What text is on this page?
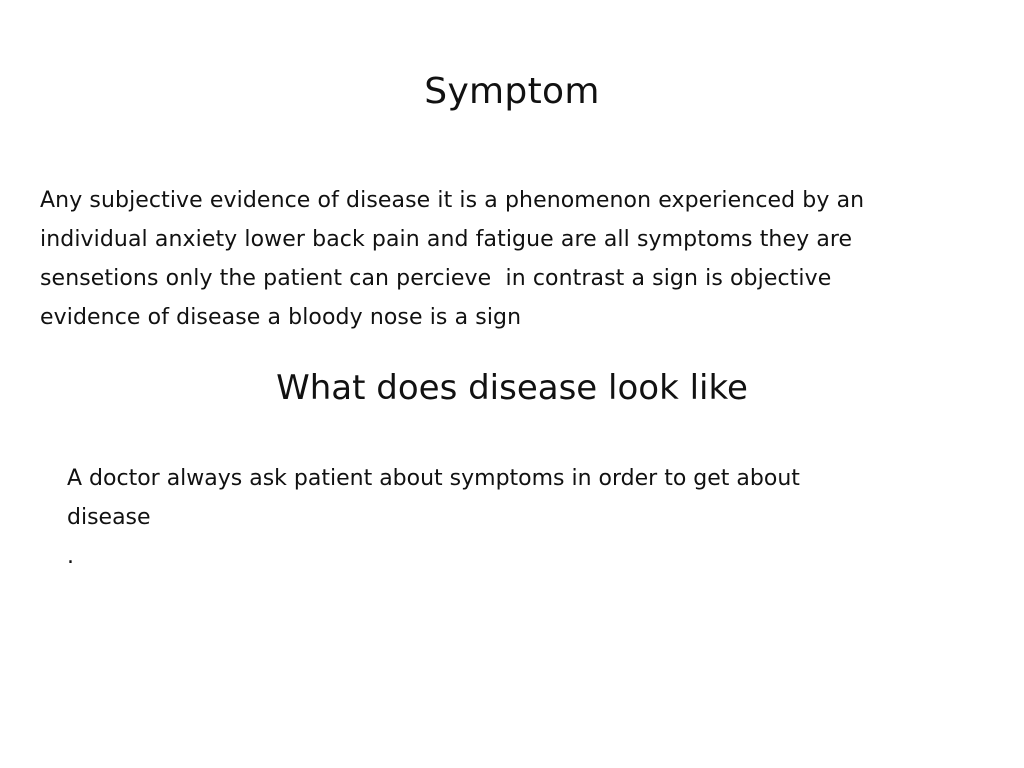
Symptom
Any subjective evidence of disease it is a phenomenon experienced by an
individual anxiety lower back pain and fatigue are all symptoms they are
sensetions only the patient can percieve  in contrast a sign is objective
evidence of disease a bloody nose is a sign
What does disease look like
A doctor always ask patient about symptoms in order to get about
disease
.
